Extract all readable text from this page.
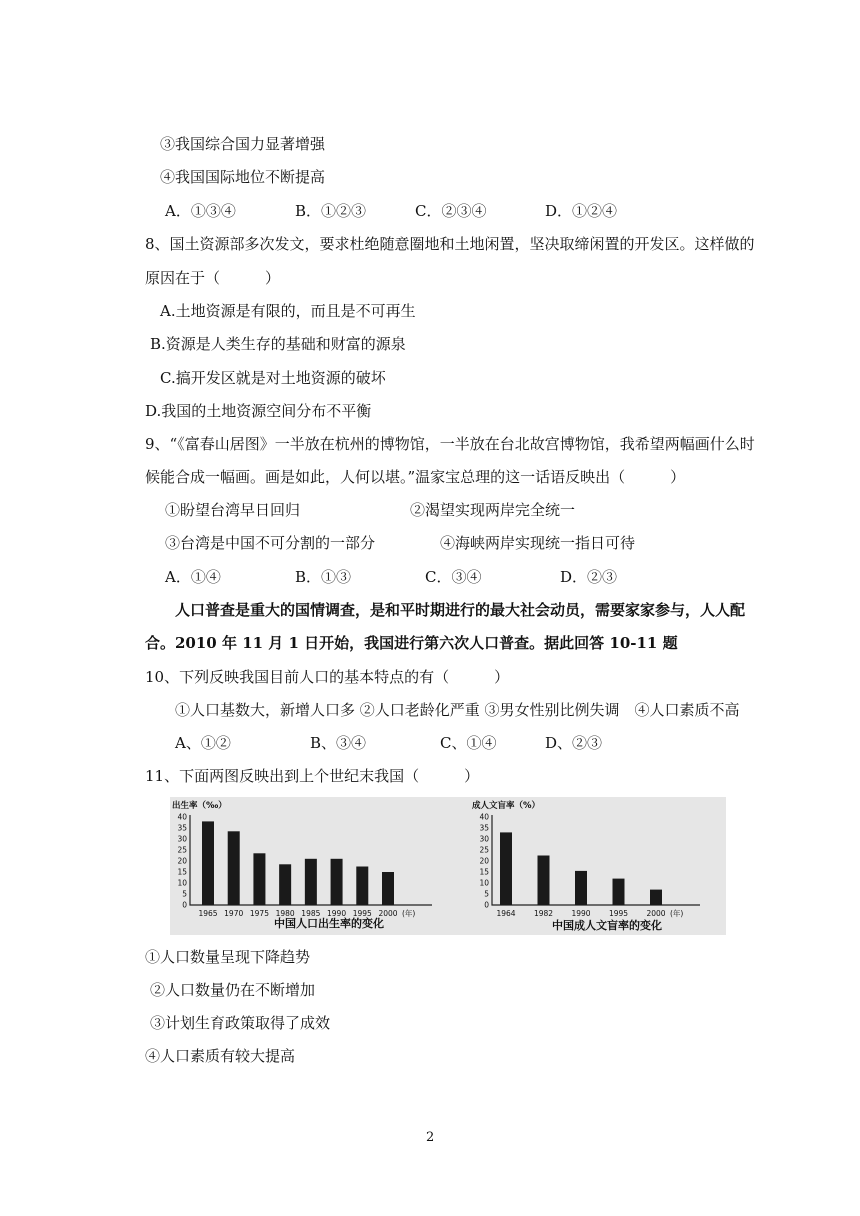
③我国综合国力显著增强
④我国国际地位不断提高
A．①③④	B．①②③	C．②③④	D．①②④
8、国土资源部多次发文，要求杜绝随意圈地和土地闲置，坚决取缔闲置的开发区。这样做的
原因在于（　　　）
A.土地资源是有限的，而且是不可再生
B.资源是人类生存的基础和财富的源泉
C.搞开发区就是对土地资源的破坏
D.我国的土地资源空间分布不平衡
9、“《富春山居图》一半放在杭州的博物馆，一半放在台北故宫博物馆，我希望两幅画什么时
候能合成一幅画。画是如此，人何以堪。”温家宝总理的这一话语反映出（　　　）
①盼望台湾早日回归	②渴望实现两岸完全统一
③台湾是中国不可分割的一部分	④海峡两岸实现统一指日可待
A．①④	B．①③	C．③④	D．②③
人口普查是重大的国情调查，是和平时期进行的最大社会动员，需要家家参与，人人配
合。2010 年 11 月 1 日开始，我国进行第六次人口普查。据此回答 10-11 题
10、下列反映我国目前人口的基本特点的有（　　　）
①人口基数大，新增人口多 ②人口老龄化严重 ③男女性别比例失调　④人口素质不高
A、①②	B、③④	C、①④	D、②③
11、下面两图反映出到上个世纪末我国（　　　）
出生率（‰）
0
5
10
15
20
25
30
35
40
1965 1970 1975 1980 1985 1990 1995 2000 (年)
中国人口出生率的变化
成人文盲率（%）
0
5
10
15
20
25
30
35
40
1964 1982 1990 1995 2000 (年)
中国成人文盲率的变化
①人口数量呈现下降趋势
②人口数量仍在不断增加
③计划生育政策取得了成效
④人口素质有较大提高
2
